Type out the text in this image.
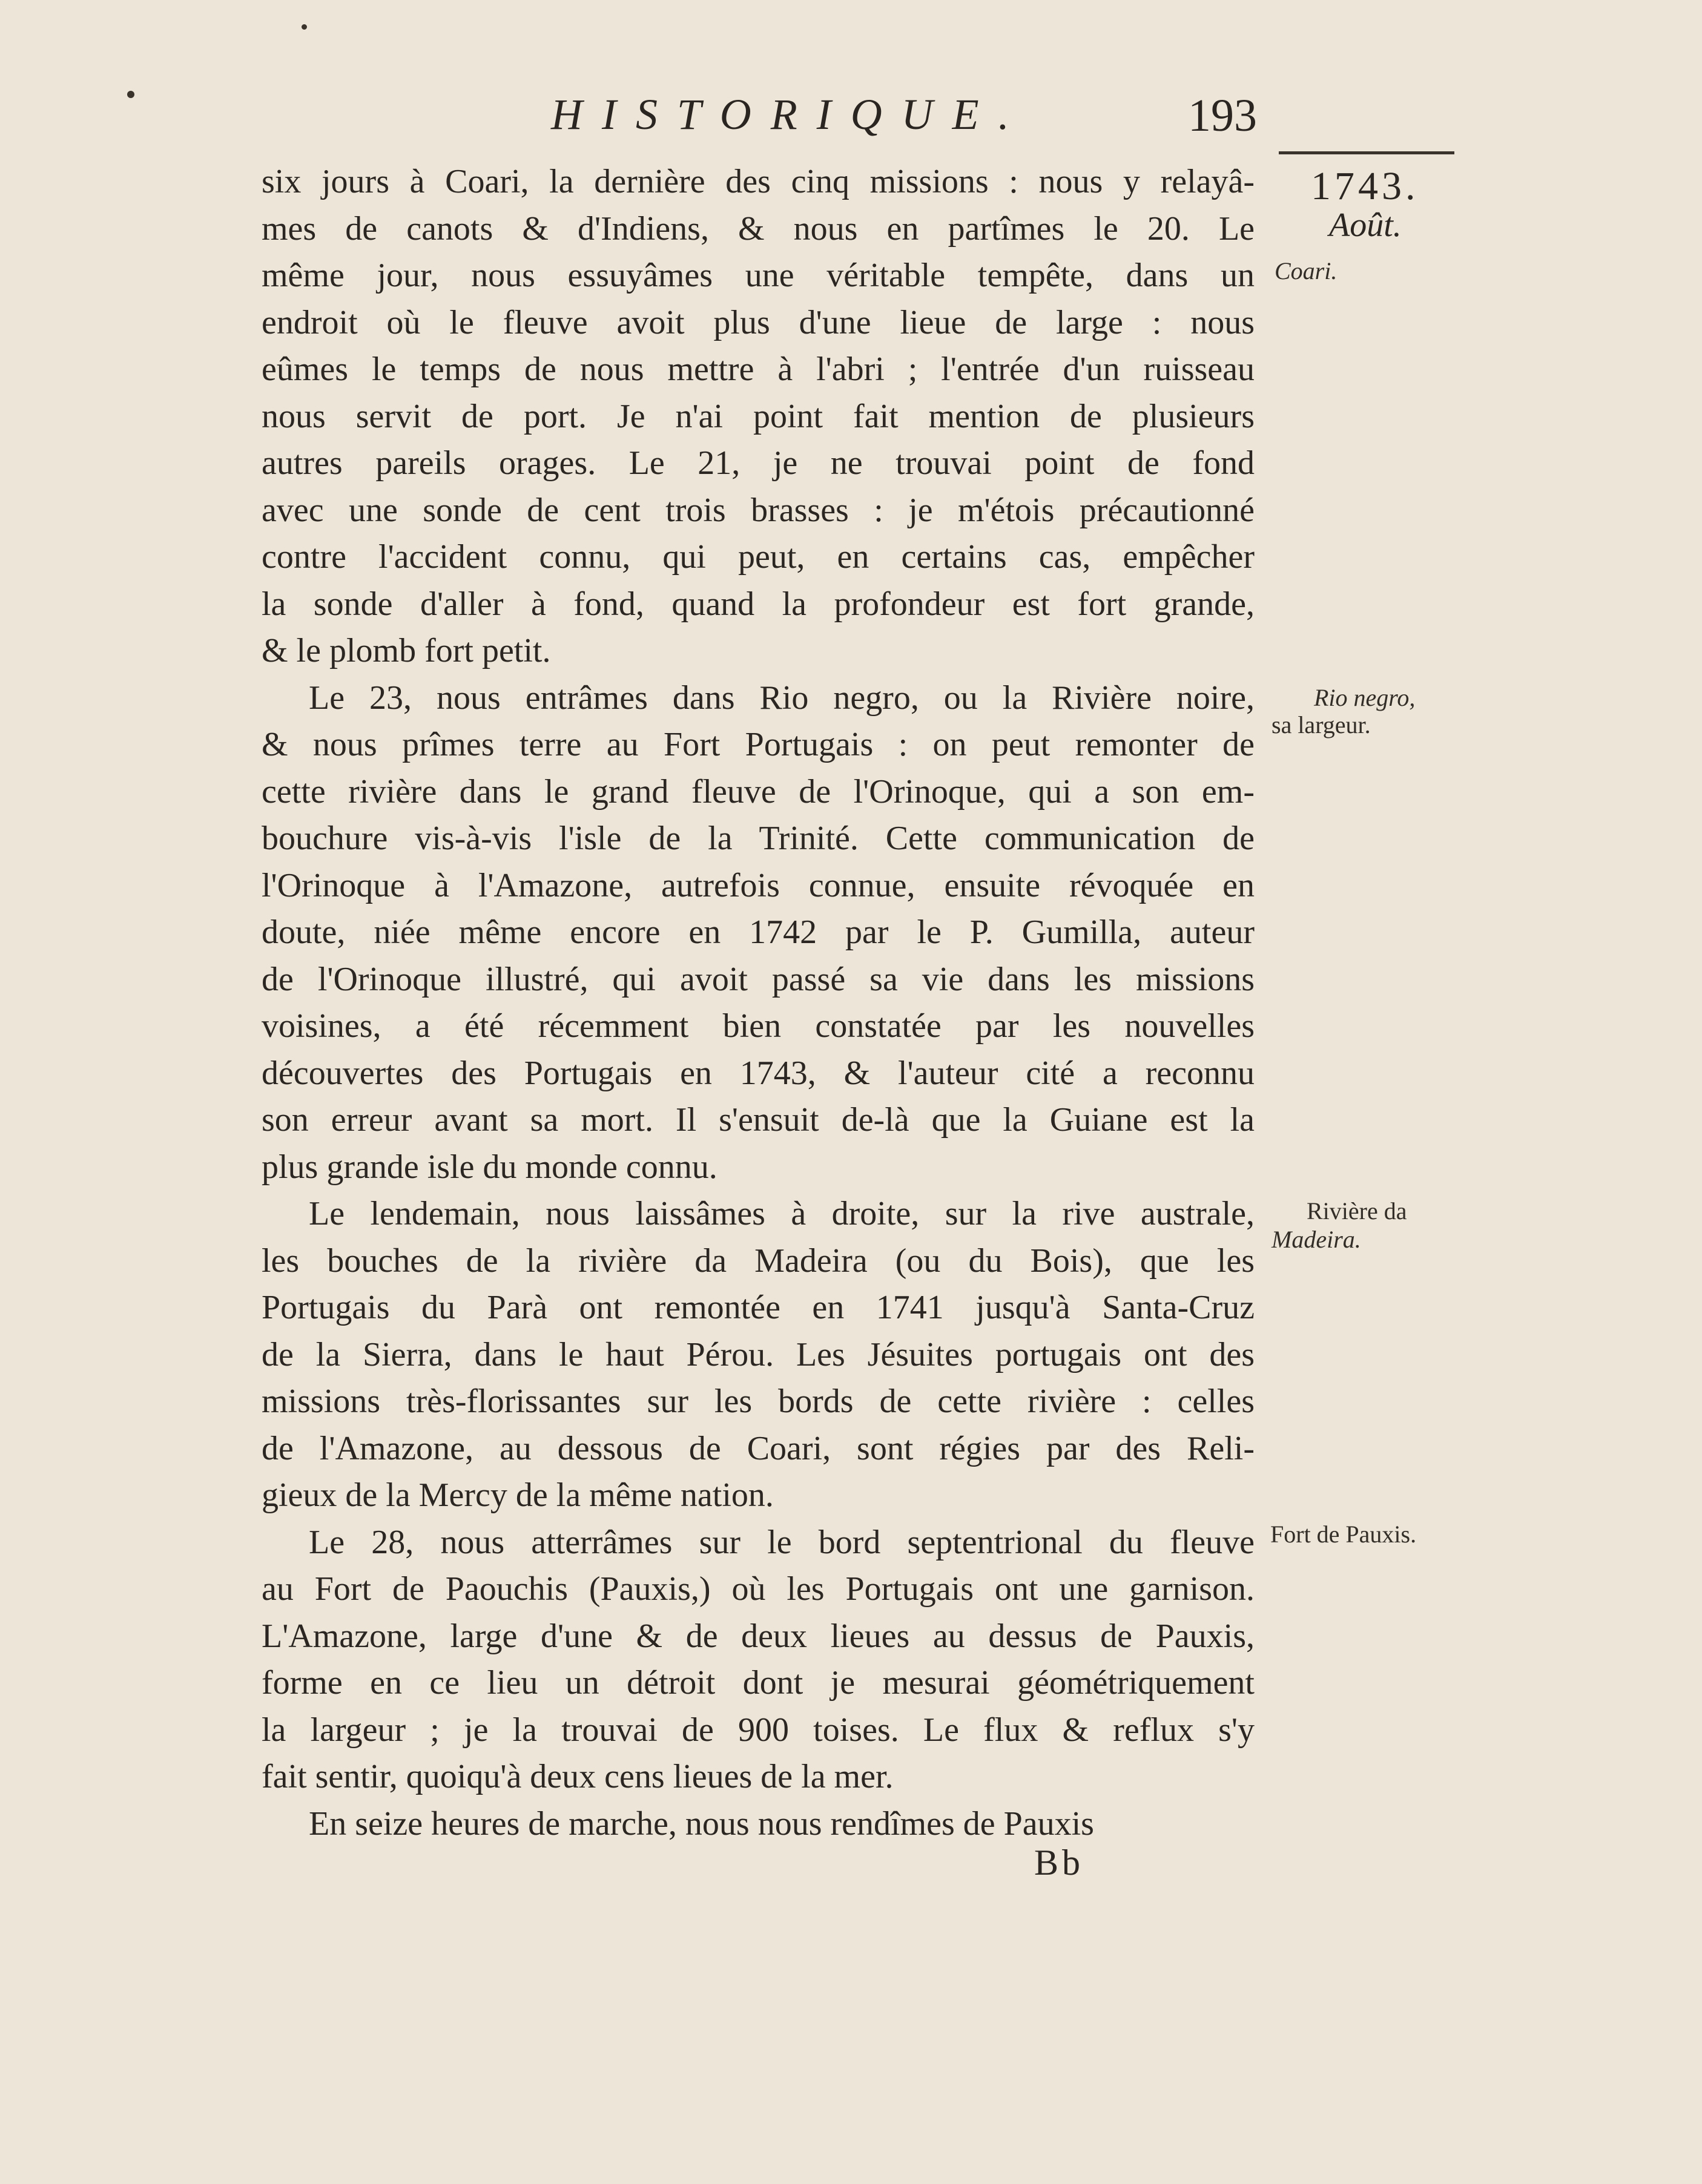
HISTORIQUE.	193
1743.
Août.
Coari.
Rio negro,
sa largeur.
Rivière da
Madeira.
Fort de Pauxis.
six jours à Coari, la dernière des cinq missions : nous y relayâ-
mes de canots & d'Indiens, & nous en partîmes le 20. Le
même jour, nous essuyâmes une véritable tempête, dans un
endroit où le fleuve avoit plus d'une lieue de large : nous
eûmes le temps de nous mettre à l'abri ; l'entrée d'un ruisseau
nous servit de port. Je n'ai point fait mention de plusieurs
autres pareils orages. Le 21, je ne trouvai point de fond
avec une sonde de cent trois brasses : je m'étois précautionné
contre l'accident connu, qui peut, en certains cas, empêcher
la sonde d'aller à fond, quand la profondeur est fort grande,
& le plomb fort petit.
Le 23, nous entrâmes dans Rio negro, ou la Rivière noire,
& nous prîmes terre au Fort Portugais : on peut remonter de
cette rivière dans le grand fleuve de l'Orinoque, qui a son em-
bouchure vis-à-vis l'isle de la Trinité. Cette communication de
l'Orinoque à l'Amazone, autrefois connue, ensuite révoquée en
doute, niée même encore en 1742 par le P. Gumilla, auteur
de l'Orinoque illustré, qui avoit passé sa vie dans les missions
voisines, a été récemment bien constatée par les nouvelles
découvertes des Portugais en 1743, & l'auteur cité a reconnu
son erreur avant sa mort. Il s'ensuit de-là que la Guiane est la
plus grande isle du monde connu.
Le lendemain, nous laissâmes à droite, sur la rive australe,
les bouches de la rivière da Madeira (ou du Bois), que les
Portugais du Parà ont remontée en 1741 jusqu'à Santa-Cruz
de la Sierra, dans le haut Pérou. Les Jésuites portugais ont des
missions très-florissantes sur les bords de cette rivière : celles
de l'Amazone, au dessous de Coari, sont régies par des Reli-
gieux de la Mercy de la même nation.
Le 28, nous atterrâmes sur le bord septentrional du fleuve
au Fort de Paouchis (Pauxis,) où les Portugais ont une garnison.
L'Amazone, large d'une & de deux lieues au dessus de Pauxis,
forme en ce lieu un détroit dont je mesurai géométriquement
la largeur ; je la trouvai de 900 toises. Le flux & reflux s'y
fait sentir, quoiqu'à deux cens lieues de la mer.
En seize heures de marche, nous nous rendîmes de Pauxis
Bb
